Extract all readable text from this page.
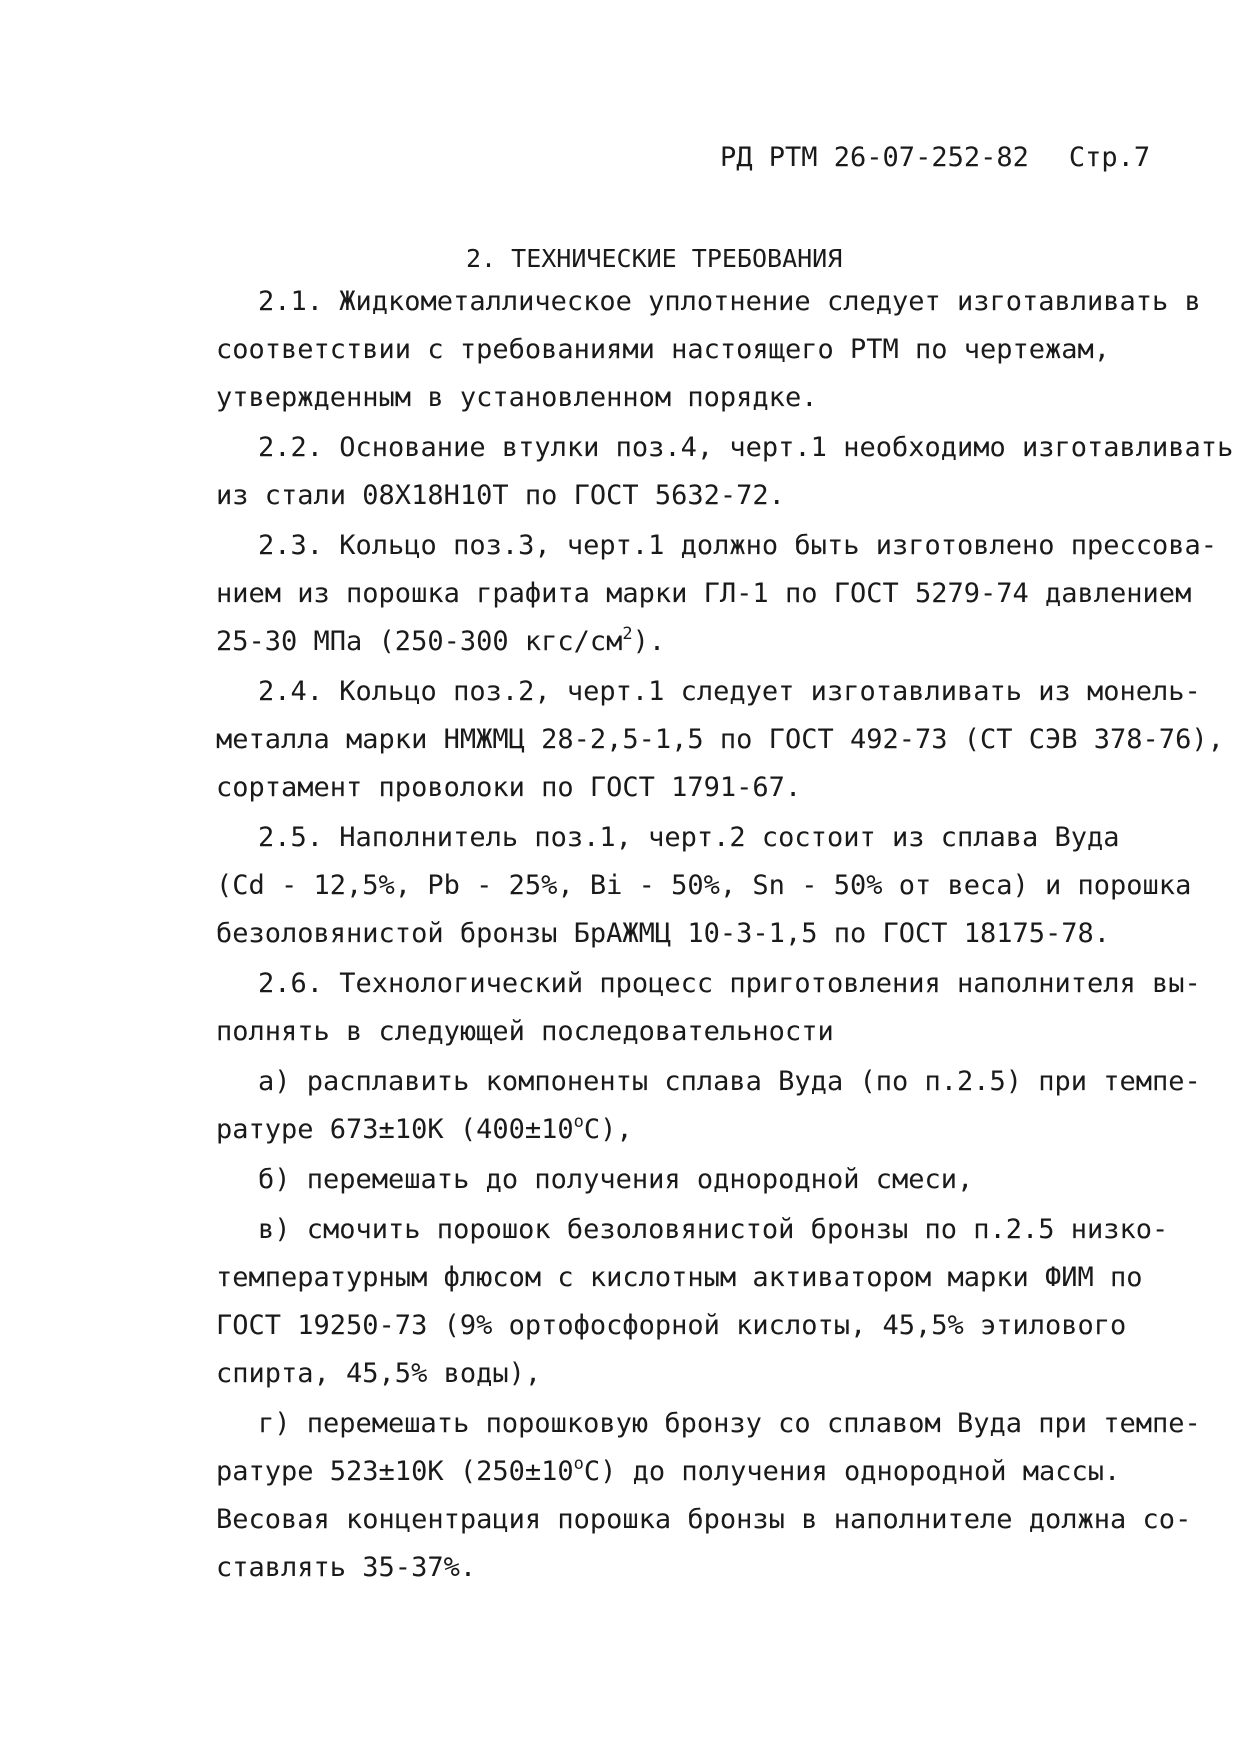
РД РТМ 26-07-252-82 Стр.7
2. ТЕХНИЧЕСКИЕ ТРЕБОВАНИЯ
2.1. Жидкометаллическое уплотнение следует изготавливать в
соответствии с требованиями настоящего РТМ по чертежам,
утвержденным в установленном порядке.
2.2. Основание втулки поз.4, черт.1 необходимо изготавливать
из стали 08Х18Н10Т по ГОСТ 5632-72.
2.3. Кольцо поз.3, черт.1 должно быть изготовлено прессова-
нием из порошка графита марки ГЛ-1 по ГОСТ 5279-74 давлением
25-30 МПа (250-300 кгс/$см^2$).
2.4. Кольцо поз.2, черт.1 следует изготавливать из монель-
металла марки НМЖМЦ 28-2,5-1,5 по ГОСТ 492-73 (СТ СЭВ 378-76),
сортамент проволоки по ГОСТ 1791-67.
2.5. Наполнитель поз.1, черт.2 состоит из сплава Вуда
(Cd - 12,5%, Pb - 25%, Bi - 50%, Sn - 50% от веса) и порошка
безоловянистой бронзы БрАЖМЦ 10-3-1,5 по ГОСТ 18175-78.
2.6. Технологический процесс приготовления наполнителя вы-
полнять в следующей последовательности
а) расплавить компоненты сплава Вуда (по п.2.5) при темпе-
ратуре 673±10К $(400\pm 10^оС)$,
б) перемешать до получения однородной смеси,
в) смочить порошок безоловянистой бронзы по п.2.5 низко-
температурным флюсом с кислотным активатором марки ФИМ по
ГОСТ 19250-73 (9% ортофосфорной кислоты, 45,5% этилового
спирта, 45,5% воды),
г) перемешать порошковую бронзу со сплавом Вуда при темпе-
ратуре 523±10К $(250\pm 10^оС)$ до получения однородной массы.
Весовая концентрация порошка бронзы в наполнителе должна со-
ставлять 35-37%.
